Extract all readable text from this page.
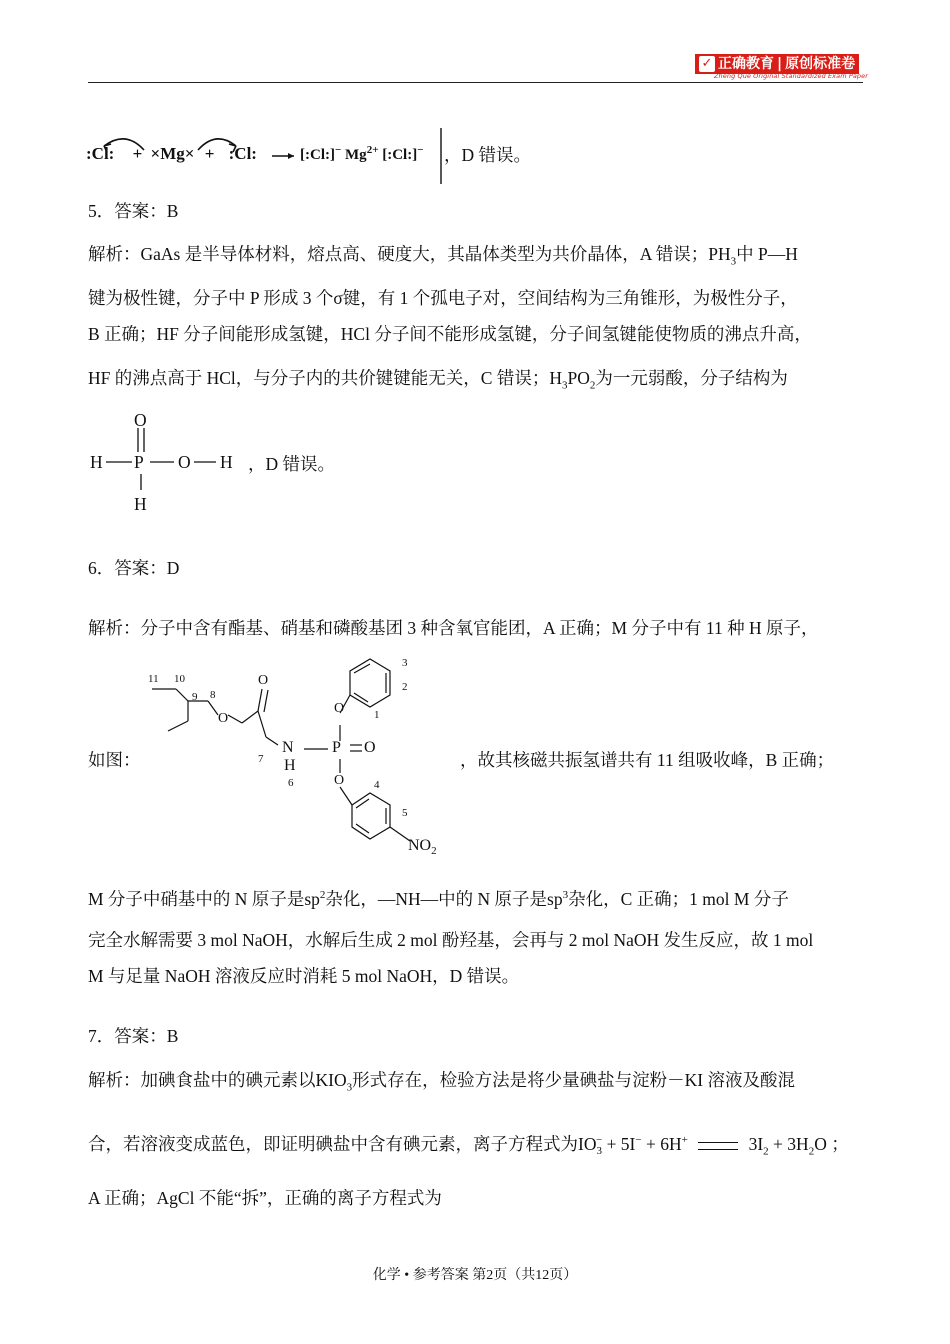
✓ 正确教育 | 原创标准卷
Zheng Que Original Standardized Exam Paper
:Cl: + ×Mg× + :Cl:	[:Cl:]− $Mg^{2+}$ [:Cl:]− ，D 错误。
5．答案：B
解析：GaAs 是半导体材料，熔点高、硬度大，其晶体类型为共价晶体，A 错误；$PH_3$中 P—H
键为极性键，分子中 P 形成 3 个σ键，有 1 个孤电子对，空间结构为三角锥形，为极性分子，
B 正确；HF 分子间能形成氢键，HCl 分子间不能形成氢键，分子间氢键能使物质的沸点升高，
HF 的沸点高于 HCl，与分子内的共价键键能无关，C 错误；$H_3PO_2$为一元弱酸，分子结构为
O
H P O H
H
，D 错误。
6．答案：D
解析：分子中含有酯基、硝基和磷酸基团 3 种含氧官能团，A 正确；M 分子中有 11 种 H 原子，
如图：
11 10
9 8
O
O
7
N
H
6
P O
O
O
1
2
3
4
5
$NO_2$
，故其核磁共振氢谱共有 11 组吸收峰，B 正确；
M 分子中硝基中的 N 原子是$sp^2$杂化，—NH—中的 N 原子是$sp^3$杂化，C 正确；1 mol M 分子
完全水解需要 3 mol NaOH，水解后生成 2 mol 酚羟基，会再与 2 mol NaOH 发生反应，故 1 mol
M 与足量 NaOH 溶液反应时消耗 5 mol NaOH，D 错误。
7．答案：B
解析：加碘食盐中的碘元素以$KIO_3$形式存在，检验方法是将少量碘盐与淀粉－KI 溶液及酸混
合，若溶液变成蓝色，即证明碘盐中含有碘元素，离子方程式为$IO_3^- + 5I^- + 6H^+$	$3I_2 + 3H_2O$ ；
A 正确；AgCl 不能“拆”，正确的离子方程式为
化学 • 参考答案 第2页（共12页）
